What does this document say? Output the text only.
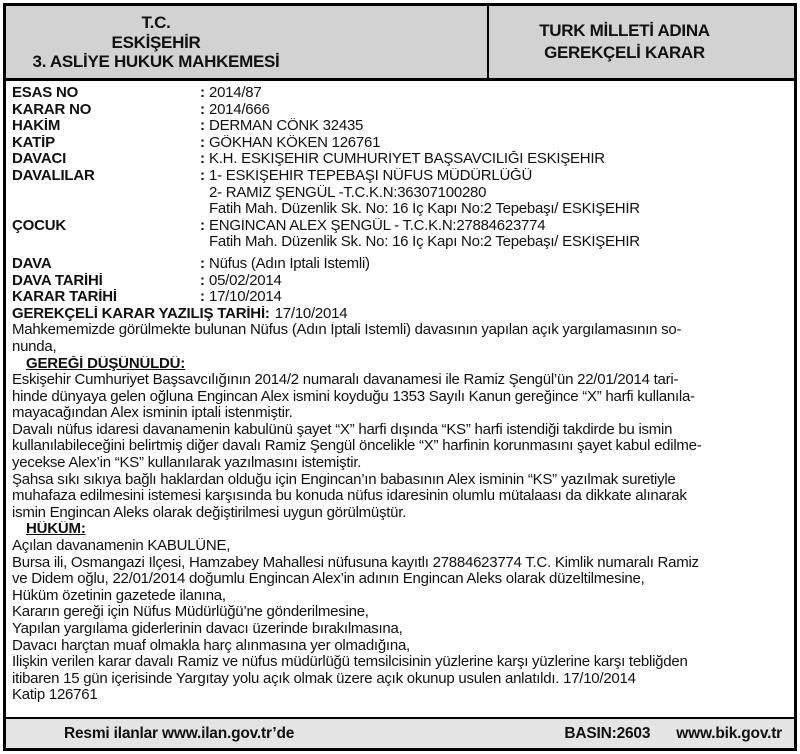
T.C.
ESKİŞEHİR
3. ASLİYE HUKUK MAHKEMESİ
TURK MİLLETİ ADINA
GEREKÇELİ KARAR
ESAS NO	: 2014/87
KARAR NO	: 2014/666
HAKİM	: DERMAN CÖNK 32435
KATİP	: GÖKHAN KÖKEN 126761
DAVACI	: K.H. ESKİŞEHİR CUMHURİYET BAŞSAVCILIĞI ESKİŞEHİR
DAVALILAR	: 1- ESKİŞEHİR TEPEBAŞI NÜFUS MÜDÜRLÜĞÜ
2- RAMİZ ŞENGÜL -T.C.K.N:36307100280
Fatih Mah. Düzenlik Sk. No: 16 İç Kapı No:2 Tepebaşı/ ESKİŞEHİR
ÇOCUK	: ENGİNCAN ALEX ŞENGÜL - T.C.K.N:27884623774
Fatih Mah. Düzenlik Sk. No: 16 İç Kapı No:2 Tepebaşı/ ESKİŞEHİR
DAVA	: Nüfus (Adın İptali İstemli)
DAVA TARİHİ	: 05/02/2014
KARAR TARİHİ	: 17/10/2014
GEREKÇELİ KARAR YAZILIŞ TARİHİ: 17/10/2014
Mahkememizde görülmekte bulunan Nüfus (Adın İptali İstemli) davasının yapılan açık yargılamasının so-
nunda,
GEREĞİ DÜŞÜNÜLDÜ:
Eskişehir Cumhuriyet Başsavcılığının 2014/2 numaralı davanamesi ile Ramiz Şengül’ün 22/01/2014 tari-
hinde dünyaya gelen oğluna Engincan Alex ismini koyduğu 1353 Sayılı Kanun gereğince “X” harfi kullanıla-
mayacağından Alex isminin iptali istenmiştir.
Davalı nüfus idaresi davanamenin kabulünü şayet “X” harfi dışında “KS” harfi istendiği takdirde bu ismin
kullanılabileceğini belirtmiş diğer davalı Ramiz Şengül öncelikle “X” harfinin korunmasını şayet kabul edilme-
yecekse Alex’in “KS” kullanılarak yazılmasını istemiştir.
Şahsa sıkı sıkıya bağlı haklardan olduğu için Engincan’ın babasının Alex isminin “KS” yazılmak suretiyle
muhafaza edilmesini istemesi karşısında bu konuda nüfus idaresinin olumlu mütalaası da dikkate alınarak
ismin Engincan Aleks olarak değiştirilmesi uygun görülmüştür.
HÜKÜM:
Açılan davanamenin KABULÜNE,
Bursa ili, Osmangazi İlçesi, Hamzabey Mahallesi nüfusuna kayıtlı 27884623774 T.C. Kimlik numaralı Ramiz
ve Didem oğlu, 22/01/2014 doğumlu Engincan Alex’in adının Engincan Aleks olarak düzeltilmesine,
Hüküm özetinin gazetede ilanına,
Kararın gereği için Nüfus Müdürlüğü’ne gönderilmesine,
Yapılan yargılama giderlerinin davacı üzerinde bırakılmasına,
Davacı harçtan muaf olmakla harç alınmasına yer olmadığına,
İlişkin verilen karar davalı Ramiz ve nüfus müdürlüğü temsilcisinin yüzlerine karşı yüzlerine karşı tebliğden
itibaren 15 gün içerisinde Yargıtay yolu açık olmak üzere açık okunup usulen anlatıldı. 17/10/2014
Katip 126761
Resmi ilanlar www.ilan.gov.tr’de	BASIN:2603 www.bik.gov.tr
